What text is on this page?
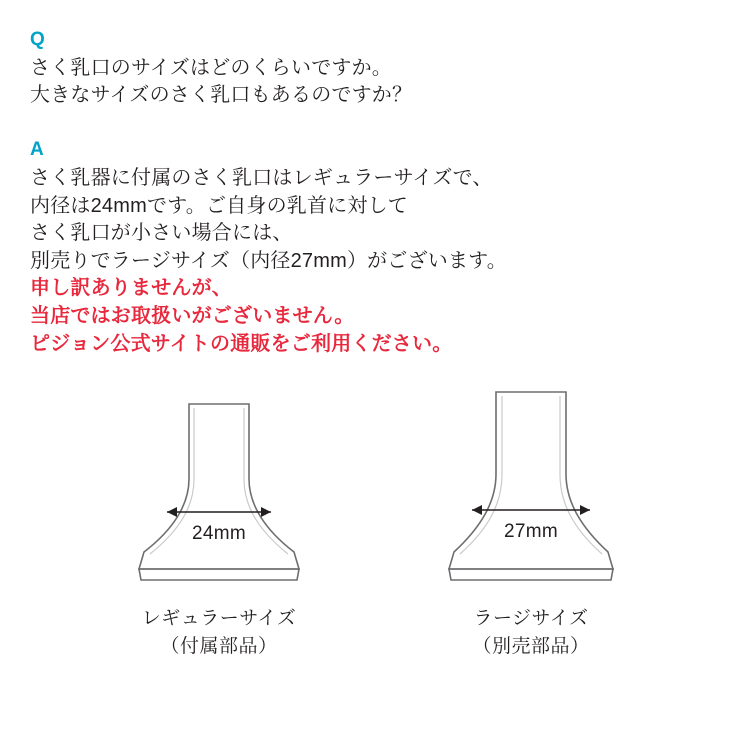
Q
さく乳口のサイズはどのくらいですか。
大きなサイズのさく乳口もあるのですか？
A
さく乳器に付属のさく乳口はレギュラーサイズで、
内径は24mmです。ご自身の乳首に対して
さく乳口が小さい場合には、
別売りでラージサイズ（内径27mm）がございます。
申し訳ありませんが、
当店ではお取扱いがございません。
ピジョン公式サイトの通販をご利用ください。
24mm
レギュラーサイズ
（付属部品）
27mm
ラージサイズ
（別売部品）
